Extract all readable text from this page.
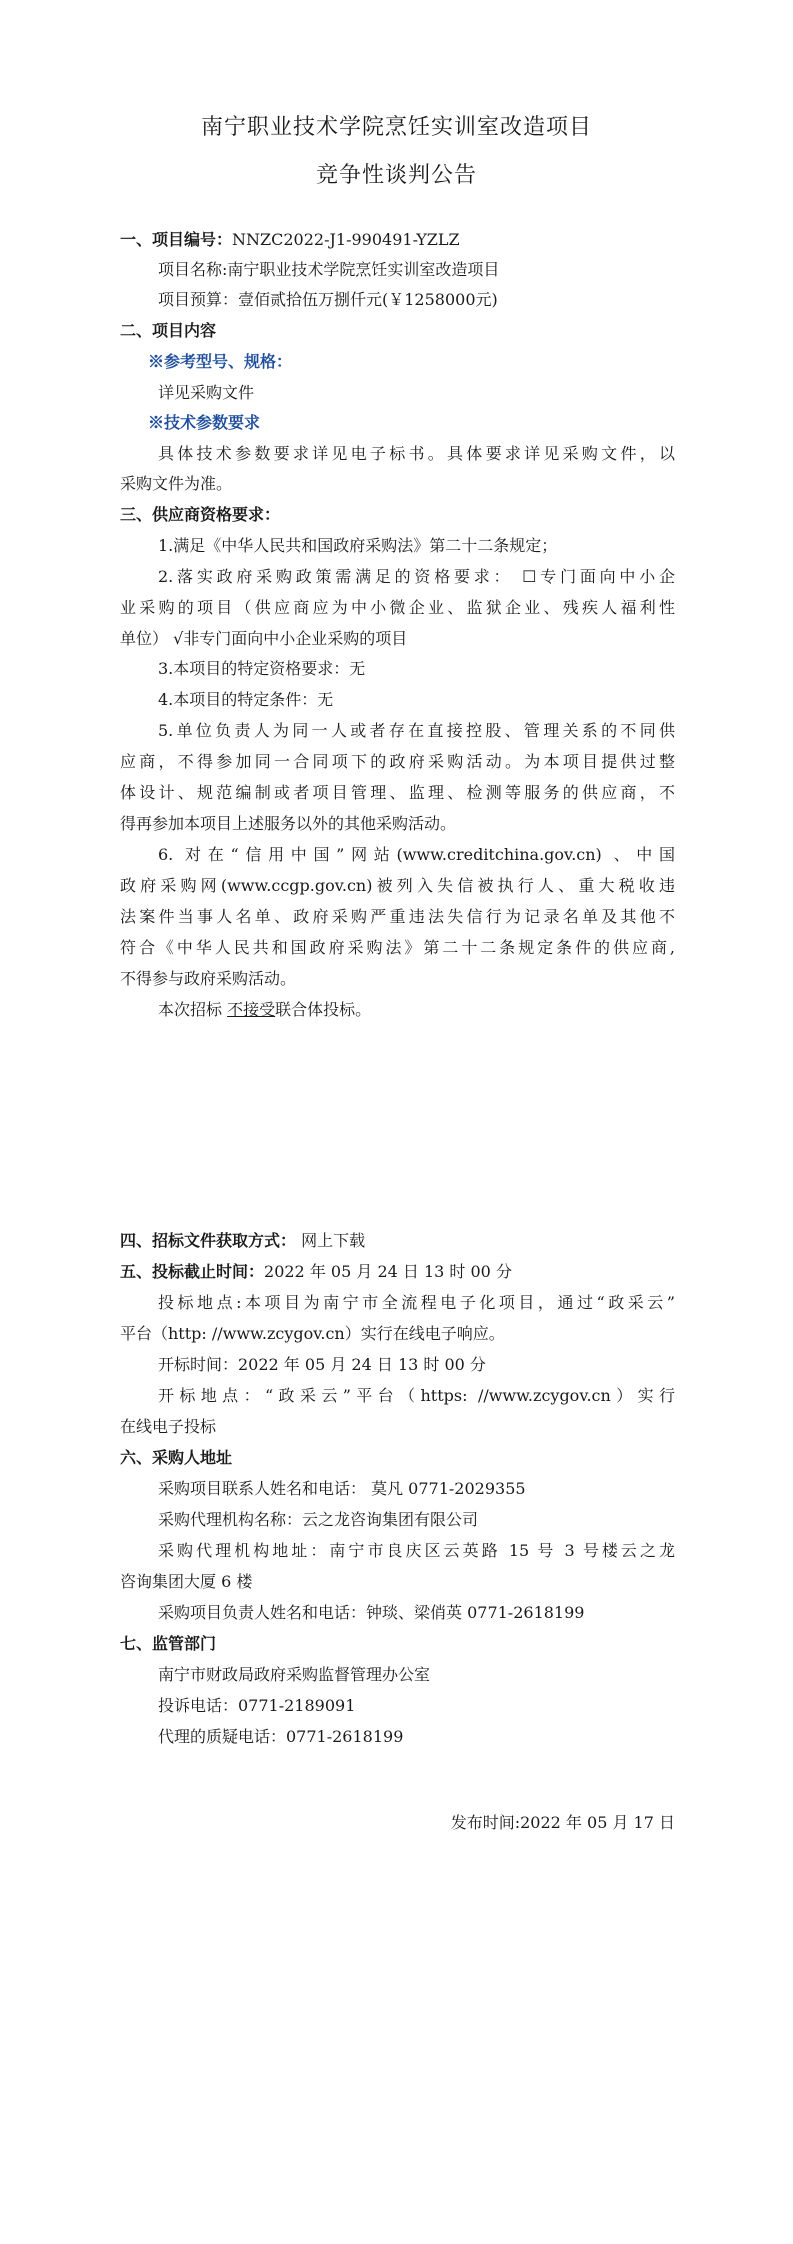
南宁职业技术学院烹饪实训室改造项目
竞争性谈判公告
一、项目编号：NNZC2022-J1-990491-YZLZ
项目名称:南宁职业技术学院烹饪实训室改造项目
项目预算：壹佰贰拾伍万捌仟元(￥1258000元)
二、项目内容
※参考型号、规格：
详见采购文件
※技术参数要求
具体技术参数要求详见电子标书。具体要求详见采购文件，以
采购文件为准。
三、供应商资格要求：
1.满足《中华人民共和国政府采购法》第二十二条规定；
2.落实政府采购政策需满足的资格要求： ☐专门面向中小企
业采购的项目（供应商应为中小微企业、监狱企业、残疾人福利性
单位） √非专门面向中小企业采购的项目
3.本项目的特定资格要求：无
4.本项目的特定条件：无
5.单位负责人为同一人或者存在直接控股、管理关系的不同供
应商，不得参加同一合同项下的政府采购活动。为本项目提供过整
体设计、规范编制或者项目管理、监理、检测等服务的供应商，不
得再参加本项目上述服务以外的其他采购活动。
6. 对在“信用中国”网站(www.creditchina.gov.cn) 、中国
政府采购网(www.ccgp.gov.cn)被列入失信被执行人、重大税收违
法案件当事人名单、政府采购严重违法失信行为记录名单及其他不
符合《中华人民共和国政府采购法》第二十二条规定条件的供应商,
不得参与政府采购活动。
本次招标 不接受联合体投标。
四、招标文件获取方式： 网上下载
五、投标截止时间：2022 年 05 月 24 日 13 时 00 分
投标地点:本项目为南宁市全流程电子化项目，通过“政采云”
平台（http: //www.zcygov.cn）实行在线电子响应。
开标时间：2022 年 05 月 24 日 13 时 00 分
开标地点：“政采云”平台（https: //www.zcygov.cn）实行
在线电子投标
六、采购人地址
采购项目联系人姓名和电话： 莫凡 0771-2029355
采购代理机构名称：云之龙咨询集团有限公司
采购代理机构地址：南宁市良庆区云英路 15 号 3 号楼云之龙
咨询集团大厦 6 楼
采购项目负责人姓名和电话：钟琰、梁俏英 0771-2618199
七、监管部门
南宁市财政局政府采购监督管理办公室
投诉电话：0771-2189091
代理的质疑电话：0771-2618199
发布时间:2022 年 05 月 17 日
